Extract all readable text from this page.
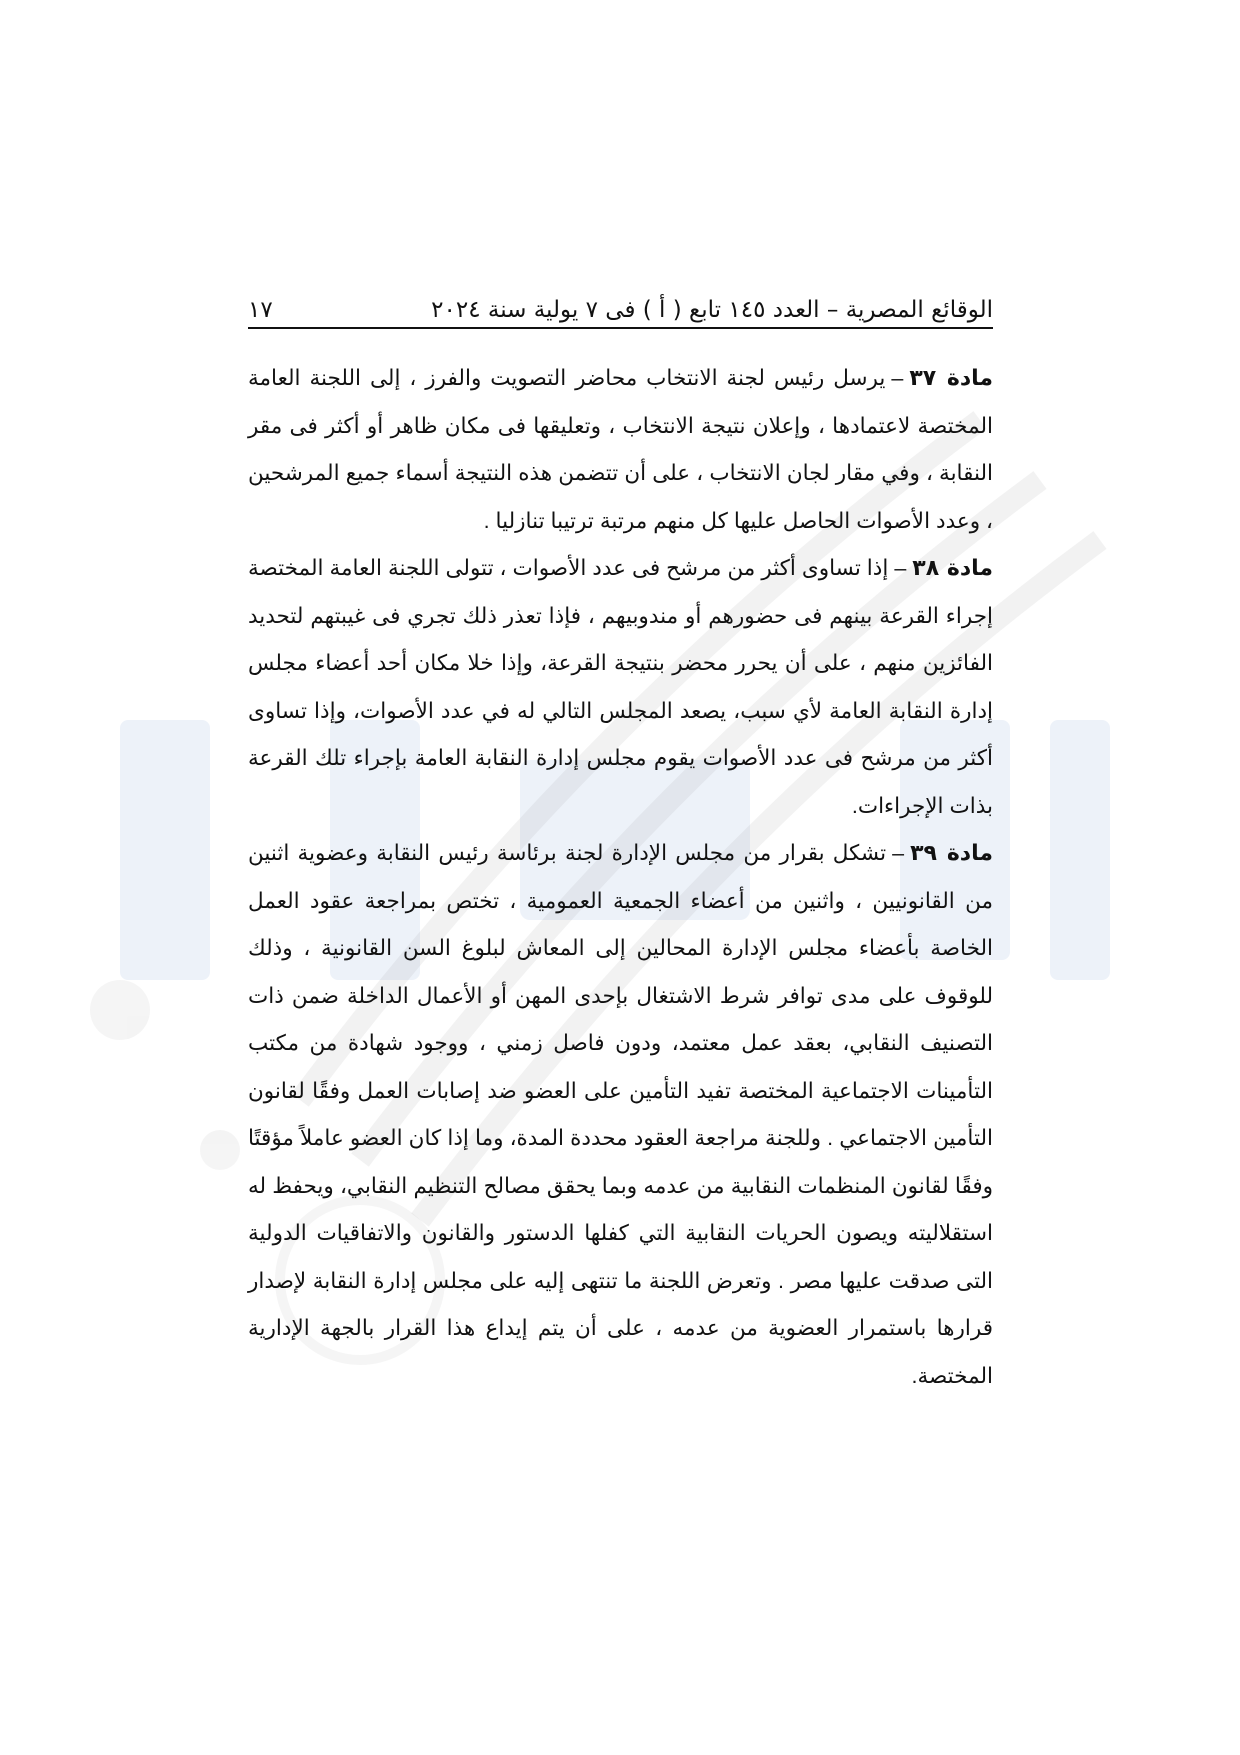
الوقائع المصرية – العدد ١٤٥ تابع ( أ ) فى ٧ يولية سنة ٢٠٢٤
١٧

مادة ٣٧–يرسل رئيس لجنة الانتخاب محاضر التصويت والفرز ، إلى اللجنة العامة المختصة لاعتمادها ، وإعلان نتيجة الانتخاب ، وتعليقها فى مكان ظاهر أو أكثر فى مقر النقابة ، وفي مقار لجان الانتخاب ، على أن تتضمن هذه النتيجة أسماء جميع المرشحين ، وعدد الأصوات الحاصل عليها كل منهم مرتبة ترتيبا تنازليا .

مادة ٣٨–إذا تساوى أكثر من مرشح فى عدد الأصوات ، تتولى اللجنة العامة المختصة إجراء القرعة بينهم فى حضورهم أو مندوبيهم ، فإذا تعذر ذلك تجري فى غيبتهم لتحديد الفائزين منهم ، على أن يحرر محضر بنتيجة القرعة، وإذا خلا مكان أحد أعضاء مجلس إدارة النقابة العامة لأي سبب، يصعد المجلس التالي له في عدد الأصوات، وإذا تساوى أكثر من مرشح فى عدد الأصوات يقوم مجلس إدارة النقابة العامة بإجراء تلك القرعة بذات الإجراءات.

مادة ٣٩–تشكل بقرار من مجلس الإدارة لجنة برئاسة رئيس النقابة وعضوية اثنين من القانونيين ، واثنين من أعضاء الجمعية العمومية ، تختص بمراجعة عقود العمل الخاصة بأعضاء مجلس الإدارة المحالين إلى المعاش لبلوغ السن القانونية ، وذلك للوقوف على مدى توافر شرط الاشتغال بإحدى المهن أو الأعمال الداخلة ضمن ذات التصنيف النقابي، بعقد عمل معتمد، ودون فاصل زمني ، ووجود شهادة من مكتب التأمينات الاجتماعية المختصة تفيد التأمين على العضو ضد إصابات العمل وفقًا لقانون التأمين الاجتماعي . وللجنة مراجعة العقود محددة المدة، وما إذا كان العضو عاملاً مؤقتًا وفقًا لقانون المنظمات النقابية من عدمه وبما يحقق مصالح التنظيم النقابي، ويحفظ له استقلاليته ويصون الحريات النقابية التي كفلها الدستور والقانون والاتفاقيات الدولية التى صدقت عليها مصر . وتعرض اللجنة ما تنتهى إليه على مجلس إدارة النقابة لإصدار قرارها باستمرار العضوية من عدمه ، على أن يتم إيداع هذا القرار بالجهة الإدارية المختصة.
